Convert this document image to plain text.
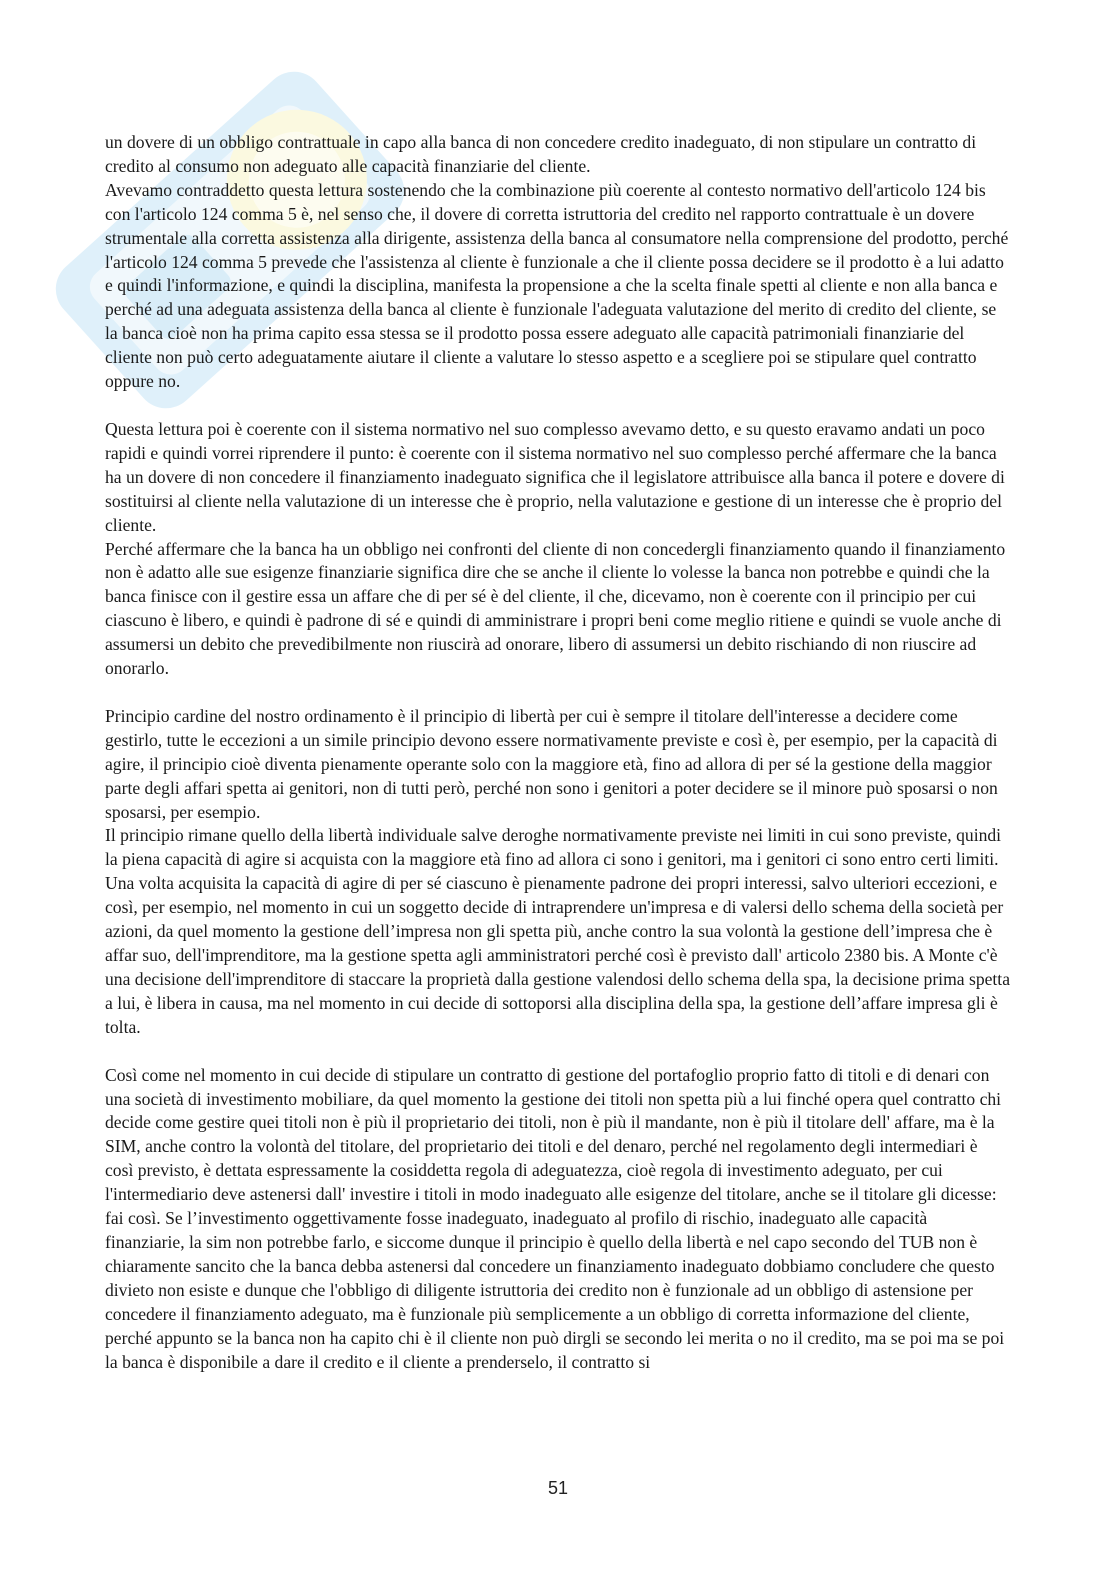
un dovere di un obbligo contrattuale in capo alla banca di non concedere credito inadeguato, di non stipulare un contratto di credito al consumo non adeguato alle capacità finanziarie del cliente.

Avevamo contraddetto questa lettura sostenendo che la combinazione più coerente al contesto normativo dell'articolo 124 bis con l'articolo 124 comma 5 è, nel senso che, il dovere di corretta istruttoria del credito nel rapporto contrattuale è un dovere strumentale alla corretta assistenza alla dirigente, assistenza della banca al consumatore nella comprensione del prodotto, perché l'articolo 124 comma 5 prevede che l'assistenza al cliente è funzionale a che il cliente possa decidere se il prodotto è a lui adatto e quindi l'informazione, e quindi la disciplina, manifesta la propensione a che la scelta finale spetti al cliente e non alla banca e perché ad una adeguata assistenza della banca al cliente è funzionale l'adeguata valutazione del merito di credito del cliente, se la banca cioè non ha prima capito essa stessa se il prodotto possa essere adeguato alle capacità patrimoniali finanziarie del cliente non può certo adeguatamente aiutare il cliente a valutare lo stesso aspetto e a scegliere poi se stipulare quel contratto oppure no.

Questa lettura poi è coerente con il sistema normativo nel suo complesso avevamo detto, e su questo eravamo andati un poco rapidi e quindi vorrei riprendere il punto: è coerente con il sistema normativo nel suo complesso perché affermare che la banca ha un dovere di non concedere il finanziamento inadeguato significa che il legislatore attribuisce alla banca il potere e dovere di sostituirsi al cliente nella valutazione di un interesse che è proprio, nella valutazione e gestione di un interesse che è proprio del cliente.

Perché affermare che la banca ha un obbligo nei confronti del cliente di non concedergli finanziamento quando il finanziamento non è adatto alle sue esigenze finanziarie significa dire che se anche il cliente lo volesse la banca non potrebbe e quindi che la banca finisce con il gestire essa un affare che di per sé è del cliente, il che, dicevamo, non è coerente con il principio per cui ciascuno è libero, e quindi è padrone di sé e quindi di amministrare i propri beni come meglio ritiene e quindi se vuole anche di assumersi un debito che prevedibilmente non riuscirà ad onorare, libero di assumersi un debito rischiando di non riuscire ad onorarlo.

Principio cardine del nostro ordinamento è il principio di libertà per cui è sempre il titolare dell'interesse a decidere come gestirlo, tutte le eccezioni a un simile principio devono essere normativamente previste e così è, per esempio, per la capacità di agire, il principio cioè diventa pienamente operante solo con la maggiore età, fino ad allora di per sé la gestione della maggior parte degli affari spetta ai genitori, non di tutti però, perché non sono i genitori a poter decidere se il minore può sposarsi o non sposarsi, per esempio.

Il principio rimane quello della libertà individuale salve deroghe normativamente previste nei limiti in cui sono previste, quindi la piena capacità di agire si acquista con la maggiore età fino ad allora ci sono i genitori, ma i genitori ci sono entro certi limiti. Una volta acquisita la capacità di agire di per sé ciascuno è pienamente padrone dei propri interessi, salvo ulteriori eccezioni, e così, per esempio, nel momento in cui un soggetto decide di intraprendere un'impresa e di valersi dello schema della società per azioni, da quel momento la gestione dell’impresa non gli spetta più, anche contro la sua volontà la gestione dell’impresa che è affar suo, dell'imprenditore, ma la gestione spetta agli amministratori perché così è previsto dall' articolo 2380 bis. A Monte c'è una decisione dell'imprenditore di staccare la proprietà dalla gestione valendosi dello schema della spa, la decisione prima spetta a lui, è libera in causa, ma nel momento in cui decide di sottoporsi alla disciplina della spa, la gestione dell’affare impresa gli è tolta.

Così come nel momento in cui decide di stipulare un contratto di gestione del portafoglio proprio fatto di titoli e di denari con una società di investimento mobiliare, da quel momento la gestione dei titoli non spetta più a lui finché opera quel contratto chi decide come gestire quei titoli non è più il proprietario dei titoli, non è più il mandante, non è più il titolare dell' affare, ma è la SIM, anche contro la volontà del titolare, del proprietario dei titoli e del denaro, perché nel regolamento degli intermediari è così previsto, è dettata espressamente la cosiddetta regola di adeguatezza, cioè regola di investimento adeguato, per cui l'intermediario deve astenersi dall' investire i titoli in modo inadeguato alle esigenze del titolare, anche se il titolare gli dicesse: fai così. Se l’investimento oggettivamente fosse inadeguato, inadeguato al profilo di rischio, inadeguato alle capacità finanziarie, la sim non potrebbe farlo, e siccome dunque il principio è quello della libertà e nel capo secondo del TUB non è chiaramente sancito che la banca debba astenersi dal concedere un finanziamento inadeguato dobbiamo concludere che questo divieto non esiste e dunque che l'obbligo di diligente istruttoria dei credito non è funzionale ad un obbligo di astensione per concedere il finanziamento adeguato, ma è funzionale più semplicemente a un obbligo di corretta informazione del cliente, perché appunto se la banca non ha capito chi è il cliente non può dirgli se secondo lei merita o no il credito, ma se poi ma se poi la banca è disponibile a dare il credito e il cliente a prenderselo, il contratto si

51
